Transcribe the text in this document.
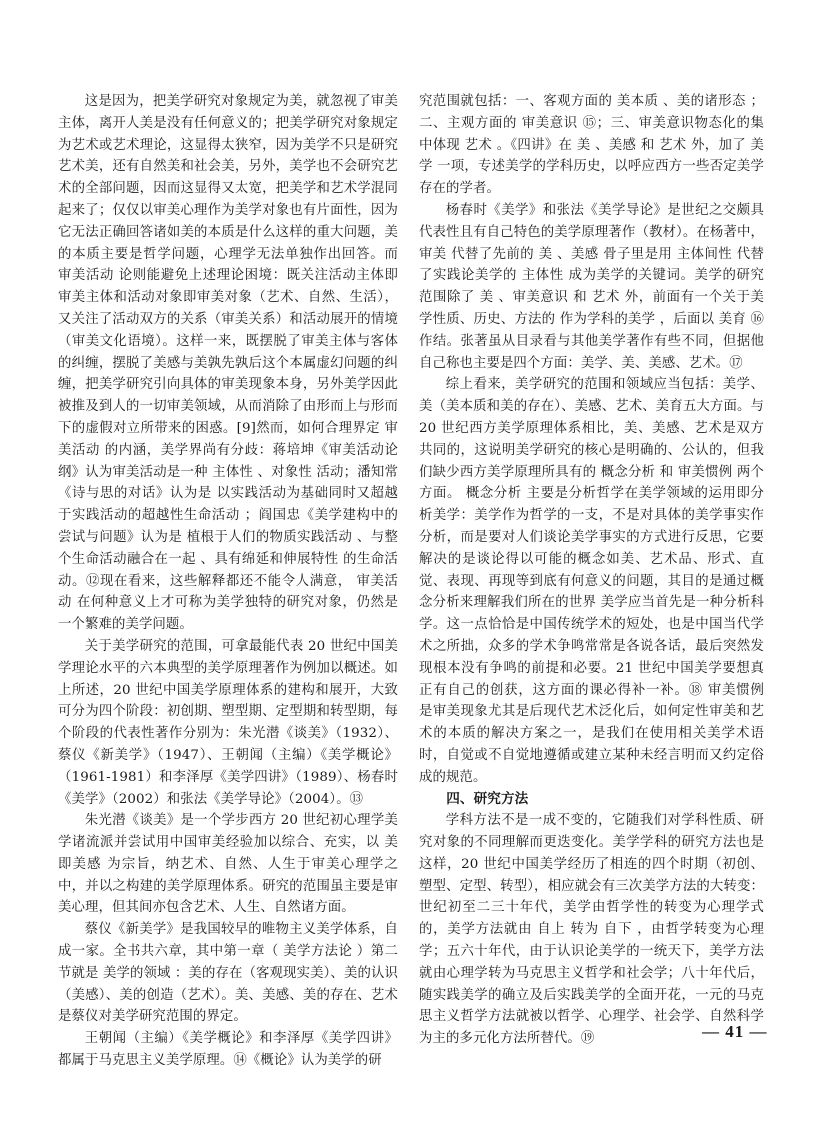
这是因为，把美学研究对象规定为美，就忽视了审美主体，离开人美是没有任何意义的；把美学研究对象规定为艺术或艺术理论，这显得太狭窄，因为美学不只是研究艺术美，还有自然美和社会美，另外，美学也不会研究艺术的全部问题，因而这显得又太宽，把美学和艺术学混同起来了；仅仅以审美心理作为美学对象也有片面性，因为它无法正确回答诸如美的本质是什么这样的重大问题，美的本质主要是哲学问题，心理学无法单独作出回答。而 审美活动 论则能避免上述理论困境：既关注活动主体即审美主体和活动对象即审美对象（艺术、自然、生活），又关注了活动双方的关系（审美关系）和活动展开的情境（审美文化语境）。这样一来，既摆脱了审美主体与客体的纠缠，摆脱了美感与美孰先孰后这个本属虚幻问题的纠缠，把美学研究引向具体的审美现象本身，另外美学因此被推及到人的一切审美领域，从而消除了由形而上与形而下的虚假对立所带来的困惑。[9]然而，如何合理界定 审美活动 的内涵，美学界尚有分歧：蒋培坤《审美活动论纲》认为审美活动是一种 主体性 、对象性 活动；潘知常《诗与思的对话》认为是 以实践活动为基础同时又超越于实践活动的超越性生命活动 ；阎国忠《美学建构中的尝试与问题》认为是 植根于人们的物质实践活动 、与整个生命活动融合在一起 、具有绵延和伸展特性 的生命活动。⑫现在看来，这些解释都还不能令人满意， 审美活动 在何种意义上才可称为美学独特的研究对象，仍然是一个繁难的美学问题。

关于美学研究的范围，可拿最能代表 20 世纪中国美学理论水平的六本典型的美学原理著作为例加以概述。如上所述，20 世纪中国美学原理体系的建构和展开，大致可分为四个阶段：初创期、塑型期、定型期和转型期，每个阶段的代表性著作分别为：朱光潜《谈美》（1932）、蔡仪《新美学》（1947）、王朝闻（主编）《美学概论》（1961-1981）和李泽厚《美学四讲》（1989）、杨春时《美学》（2002）和张法《美学导论》（2004）。⑬

朱光潜《谈美》是一个学步西方 20 世纪初心理学美学诸流派并尝试用中国审美经验加以综合、充实，以 美即美感 为宗旨，纳艺术、自然、人生于审美心理学之中，并以之构建的美学原理体系。研究的范围虽主要是审美心理，但其间亦包含艺术、人生、自然诸方面。

蔡仪《新美学》是我国较早的唯物主义美学体系，自成一家。全书共六章，其中第一章（ 美学方法论 ）第二节就是 美学的领域 ：美的存在（客观现实美）、美的认识（美感）、美的创造（艺术）。美、美感、美的存在、艺术是蔡仪对美学研究范围的界定。

王朝闻（主编）《美学概论》和李泽厚《美学四讲》都属于马克思主义美学原理。⑭《概论》认为美学的研

究范围就包括：一、客观方面的 美本质 、美的诸形态 ；二、主观方面的 审美意识 ⑮；三、审美意识物态化的集中体现 艺术 。《四讲》在 美 、美感 和 艺术 外，加了 美学 一项，专述美学的学科历史，以呼应西方一些否定美学存在的学者。

杨春时《美学》和张法《美学导论》是世纪之交颇具代表性且有自己特色的美学原理著作（教材）。在杨著中， 审美 代替了先前的 美 、美感 骨子里是用 主体间性 代替了实践论美学的 主体性 成为美学的关键词。美学的研究范围除了 美 、审美意识 和 艺术 外，前面有一个关于美学性质、历史、方法的 作为学科的美学 ，后面以 美育 ⑯作结。张著虽从目录看与其他美学著作有些不同，但据他自己称也主要是四个方面：美学、美、美感、艺术。⑰

综上看来，美学研究的范围和领域应当包括：美学、美（美本质和美的存在）、美感、艺术、美育五大方面。与 20 世纪西方美学原理体系相比，美、美感、艺术是双方共同的，这说明美学研究的核心是明确的、公认的，但我们缺少西方美学原理所具有的 概念分析 和 审美惯例 两个方面。 概念分析 主要是分析哲学在美学领域的运用即分析美学：美学作为哲学的一支，不是对具体的美学事实作分析，而是要对人们谈论美学事实的方式进行反思，它要解决的是谈论得以可能的概念如美、艺术品、形式、直觉、表现、再现等到底有何意义的问题，其目的是通过概念分析来理解我们所在的世界 美学应当首先是一种分析科学。这一点恰恰是中国传统学术的短处，也是中国当代学术之所拙，众多的学术争鸣常常是各说各话，最后突然发现根本没有争鸣的前提和必要。21 世纪中国美学要想真正有自己的创获，这方面的课必得补一补。⑱ 审美惯例 是审美现象尤其是后现代艺术泛化后，如何定性审美和艺术的本质的解决方案之一，是我们在使用相关美学术语时，自觉或不自觉地遵循或建立某种未经言明而又约定俗成的规范。

四、研究方法

学科方法不是一成不变的，它随我们对学科性质、研究对象的不同理解而更迭变化。美学学科的研究方法也是这样，20 世纪中国美学经历了相连的四个时期（初创、塑型、定型、转型），相应就会有三次美学方法的大转变：世纪初至二三十年代，美学由哲学性的转变为心理学式的，美学方法就由 自上 转为 自下 ，由哲学转变为心理学；五六十年代，由于认识论美学的一统天下，美学方法就由心理学转为马克思主义哲学和社会学；八十年代后，随实践美学的确立及后实践美学的全面开花，一元的马克思主义哲学方法就被以哲学、心理学、社会学、自然科学为主的多元化方法所替代。⑲	— 41 —
